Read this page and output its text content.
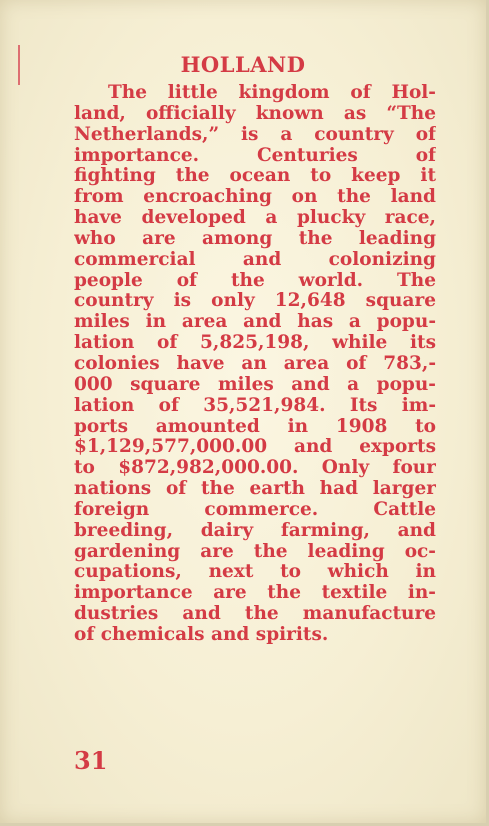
HOLLAND
The little kingdom of Hol-
land, officially known as “The
Netherlands,” is a country of
importance. Centuries of
fighting the ocean to keep it
from encroaching on the land
have developed a plucky race,
who are among the leading
commercial and colonizing
people of the world. The
country is only 12,648 square
miles in area and has a popu-
lation of 5,825,198, while its
colonies have an area of 783,-
000 square miles and a popu-
lation of 35,521,984. Its im-
ports amounted in 1908 to
$1,129,577,000.00 and exports
to $872,982,000.00. Only four
nations of the earth had larger
foreign commerce. Cattle
breeding, dairy farming, and
gardening are the leading oc-
cupations, next to which in
importance are the textile in-
dustries and the manufacture
of chemicals and spirits.
31
